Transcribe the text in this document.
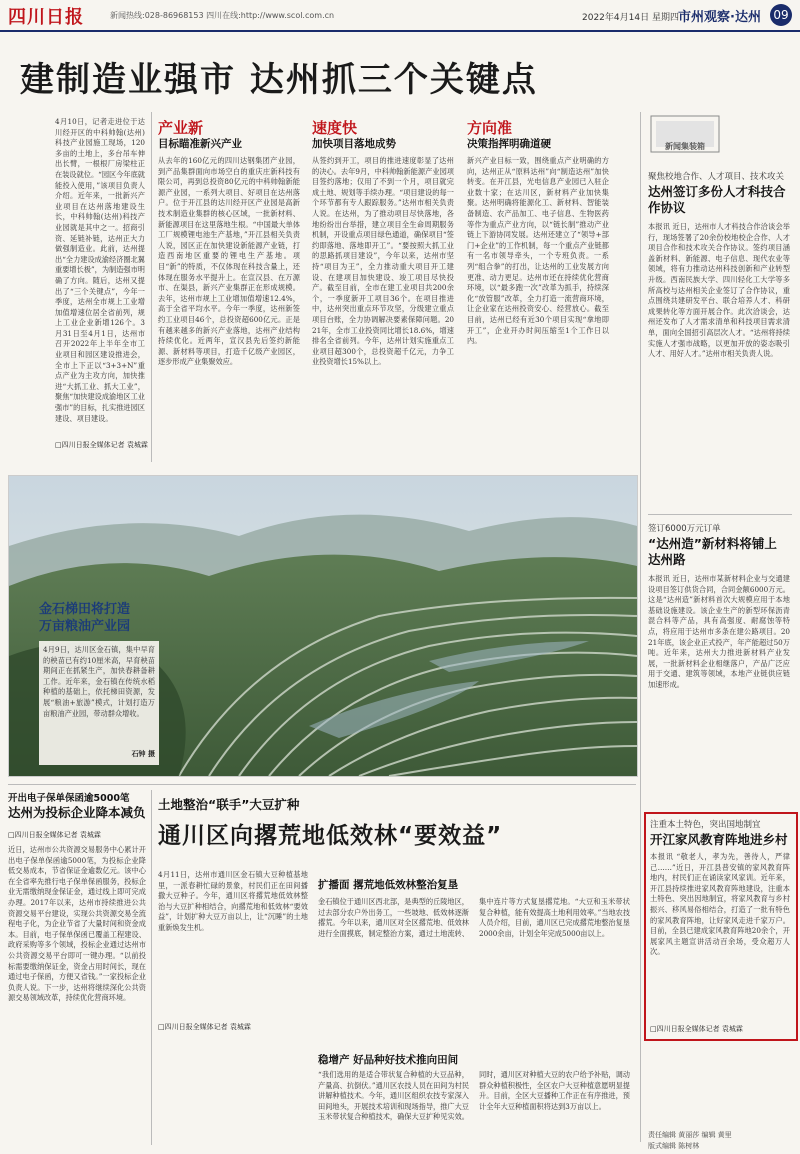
四川日报	新闻热线:028-86968153 四川在线:http://www.scol.com.cn	2022年4月14日 星期四 市州观察·达州 09
建制造业强市 达州抓三个关键点
4月10日，记者走进位于达川经开区的中科帅翰(达州)科技产业园施工现场，120多亩的土地上，多台吊车伸出长臂，一根根厂房梁柱正在装设就位。“园区今年底就能投入使用，”该项目负责人介绍。近年来，一批新兴产业项目在达州落地建设生长，中科帅翰(达州)科技产业园就是其中之一。招商引资、延链补链，达州正大力做强制造业。此前，达州提出“全力建设成渝经济圈北翼重要增长极”，为制造强市明确了方向。随后，达州又提出了“三个关键点”，今年一季度，达州全市规上工业增加值增速位居全省前列，规上工业企业新增126个。3月31日至4月1日，达州市召开2022年上半年全市工业项目和园区建设推进会，全市上下正以“3+3+N”重点产业为主攻方向，加快推进“大抓工业、抓大工业”，聚焦“加快建设成渝地区工业强市”的目标，扎实推进园区建设、项目建设。
□四川日报全媒体记者 袁城霖
产业新
目标瞄准新兴产业
从去年的160亿元的四川达钢集团产业园，到产品集群面向市场空白的重庆庄新科技有限公司，再到总投资80亿元的中科帅翰新能源产业园，一系列大项目、好项目在达州落户。位于开江县的达川经开区产业园是高新技术制造业集群的核心区域，一批新材料、新能源项目在这里落地生根。“中国最大单体工厂规模锂电池生产基地，”开江县相关负责人说，园区正在加快建设新能源产业链，打造西南地区重要的锂电生产基地。项目“新”的特质，不仅体现在科技含量上，还体现在服务水平提升上。在宣汉县、在万源市、在渠县，新兴产业集群正在形成规模。去年，达州市规上工业增加值增速12.4%，高于全省平均水平。今年一季度，达州新签约工业项目46个，总投资超600亿元。正是有越来越多的新兴产业落地，达州产业结构持续优化。近两年，宣汉县先后签约新能源、新材料等项目，打造千亿级产业园区，逐步形成产业集聚效应。
速度快
加快项目落地成势
从签约到开工，项目的推进速度彰显了达州的决心。去年9月，中科帅翰新能源产业园项目签约落地；仅用了不到一个月，项目就完成土地、规划等手续办理。“项目建设的每一个环节都有专人跟踪服务。”达州市相关负责人说。在达州，为了推动项目尽快落地，各地纷纷出台举措，建立项目全生命周期服务机制，开设重点项目绿色通道，确保项目“签约即落地、落地即开工”。“要按照大抓工业的思路抓项目建设”，今年以来，达州市坚持“项目为王”，全力推动重大项目开工建设、在建项目加快建设、竣工项目尽快投产。截至目前，全市在建工业项目共200余个，一季度新开工项目36个。在项目推进中，达州突出重点环节攻坚，分级建立重点项目台账，全力协调解决要素保障问题。2021年，全市工业投资同比增长18.6%，增速排名全省前列。今年，达州计划实施重点工业项目超300个，总投资超千亿元，力争工业投资增长15%以上。
方向准
决策指挥明确道硬
新兴产业目标一致，围绕重点产业明确的方向，达州正从“原料达州”向“制造达州”加快转变。在开江县，光电信息产业园已入驻企业数十家；在达川区，新材料产业加快集聚。达州明确将能源化工、新材料、智能装备制造、农产品加工、电子信息、生物医药等作为重点产业方向，以“链长制”推动产业链上下游协同发展。达州还建立了“领导+部门+企业”的工作机制，每一个重点产业链都有一名市领导牵头，一个专班负责。一系列“组合拳”的打出，让达州的工业发展方向更准、动力更足。达州市还在持续优化营商环境，以“最多跑一次”改革为抓手，持续深化“放管服”改革，全力打造一流营商环境，让企业家在达州投资安心、经营放心。截至目前，达州已经有近30个项目实现“拿地即开工”，企业开办时间压缩至1个工作日以内。
金石梯田将打造
万亩粮油产业园
4月9日，达川区金石镇，集中早育的秧苗已有约10厘米高，早育秧苗期间正在抓紧生产，加快春耕备耕工作。近年来，金石镇在传统水稻种植的基础上，依托梯田资源，发展“粮油+旅游”模式，计划打造万亩粮油产业园，带动群众增收。
石钟 摄
新闻集装箱
聚焦校地合作、人才项目、技术攻关
达州签订多份人才科技合作协议
本报讯 近日，达州市人才科技合作洽谈会举行，现场签署了20余份校地校企合作、人才项目合作和技术攻关合作协议。签约项目涵盖新材料、新能源、电子信息、现代农业等领域，将有力推动达州科技创新和产业转型升级。西南民族大学、四川轻化工大学等多所高校与达州相关企业签订了合作协议，重点围绕共建研发平台、联合培养人才、科研成果转化等方面开展合作。此次洽谈会，达州还发布了人才需求清单和科技项目需求清单，面向全国招引高层次人才。“达州将持续实施人才强市战略，以更加开放的姿态吸引人才、用好人才。”达州市相关负责人说。
签订6000万元订单
“达州造”新材料将铺上达州路
本报讯 近日，达州市某新材料企业与交通建设项目签订供货合同，合同金额6000万元。这是“达州造”新材料首次大规模应用于本地基础设施建设。该企业生产的新型环保沥青混合料等产品，具有高强度、耐腐蚀等特点，将应用于达州市多条在建公路项目。2021年底，该企业正式投产，年产能超过50万吨。近年来，达州大力推进新材料产业发展，一批新材料企业相继落户，产品广泛应用于交通、建筑等领域，本地产业链供应链加速形成。
注重本土特色，突出国地制宜
开江家风教育阵地进乡村
本报讯 “敬老人，孝为先，善待人，严律己……”近日，开江县普安镇的家风教育阵地内，村民们正在诵读家风家训。近年来，开江县持续推进家风教育阵地建设，注重本土特色、突出因地制宜，将家风教育与乡村振兴、移风易俗相结合，打造了一批有特色的家风教育阵地，让好家风走进千家万户。目前，全县已建成家风教育阵地20余个，开展家风主题宣讲活动百余场，受众超万人次。
□四川日报全媒体记者 袁城霖
开出电子保单保函逾5000笔
达州为投标企业降本减负
□四川日报全媒体记者 袁城霖
近日，达州市公共资源交易服务中心累计开出电子保单保函逾5000笔，为投标企业降低交易成本，节省保证金逾数亿元。该中心在全省率先推行电子保单保函服务，投标企业无需缴纳现金保证金，通过线上即可完成办理。2017年以来，达州市持续推进公共资源交易平台建设，实现公共资源交易全流程电子化，为企业节省了大量时间和资金成本。目前，电子保单保函已覆盖工程建设、政府采购等多个领域，投标企业通过达州市公共资源交易平台即可一键办理。“以前投标需要缴纳保证金，资金占用时间长，现在通过电子保函，方便又省钱。”一家投标企业负责人说。下一步，达州将继续深化公共资源交易领域改革，持续优化营商环境。
土地整治“联手”大豆扩种
通川区向撂荒地低效林“要效益”
4月11日，达州市通川区金石镇大豆种植基地里，一派春耕忙碌的景象，村民们正在田间播撒大豆种子。今年，通川区将撂荒地低效林整治与大豆扩种相结合，向撂荒地和低效林“要效益”，计划扩种大豆万亩以上，让“沉睡”的土地重新焕发生机。
□四川日报全媒体记者 袁城霖
扩播面 撂荒地低效林整治复垦
金石镇位于通川区西北部，是典型的丘陵地区，过去部分农户外出务工，一些坡地、低效林逐渐撂荒。今年以来，通川区对全区撂荒地、低效林进行全面摸底，制定整治方案，通过土地流转、集中连片等方式复垦撂荒地。“大豆和玉米带状复合种植，能有效提高土地利用效率。”当地农技人员介绍，目前，通川区已完成撂荒地整治复垦2000余亩，计划全年完成5000亩以上。
稳增产 好品种好技术推向田间
“我们选用的是适合带状复合种植的大豆品种，产量高、抗倒伏。”通川区农技人员在田间为村民讲解种植技术。今年，通川区组织农技专家深入田间地头，开展技术培训和现场指导，推广大豆玉米带状复合种植技术，确保大豆扩种见实效。同时，通川区对种植大豆的农户给予补贴，调动群众种植积极性，全区农户大豆种植意愿明显提升。目前，全区大豆播种工作正在有序推进，预计全年大豆种植面积将达到3万亩以上。
责任编辑 黄丽莎 编辑 黄里
版式编辑 陈树林
